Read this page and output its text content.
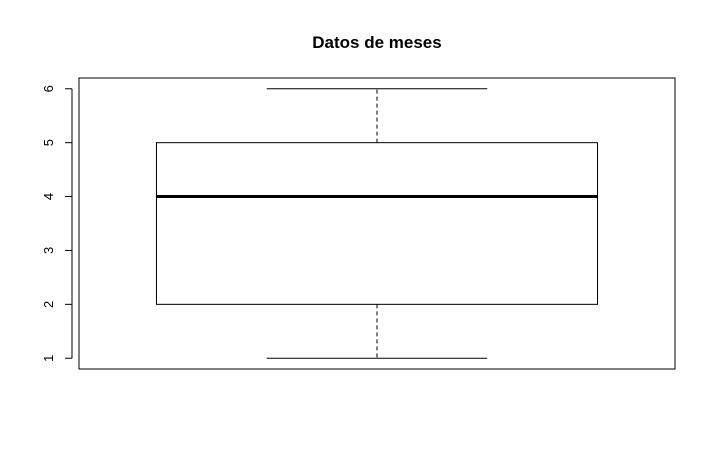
Datos de meses
1
2
3
4
5
6
